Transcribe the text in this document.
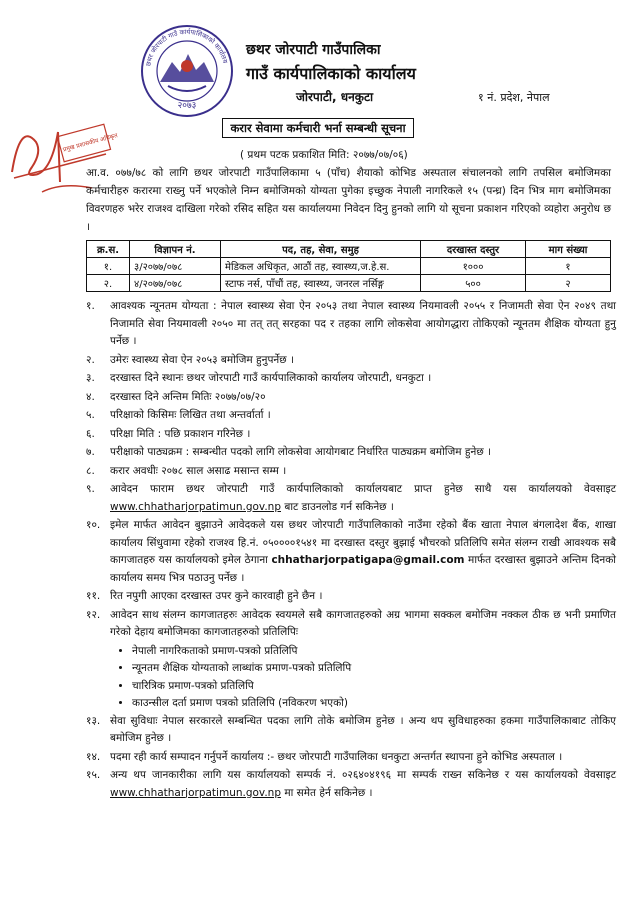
२०७३
छथर जोरपाटी गाउँ कार्यपालिकाको कार्यालय
छथर जोरपाटी गाउँपालिका
गाउँ कार्यपालिकाको कार्यालय
जोरपाटी, धनकुटा	१ नं. प्रदेश, नेपाल
प्रमुख प्रशासकीय अधिकृत
करार सेवामा कर्मचारी भर्ना सम्बन्धी सूचना
( प्रथम पटक प्रकाशित मिति: २०७७/०७/०६)
आ.व. ०७७/७८ को लागि छथर जोरपाटी गाउँपालिकामा ५ (पाँच) शैयाको कोभिड अस्पताल संचालनको लागि तपसिल बमोजिमका कर्मचारीहरु करारमा राख्नु पर्ने भएकोले निम्न बमोजिमको योग्यता पुगेका इच्छुक नेपाली नागरिकले १५ (पन्ध्र) दिन भित्र माग बमोजिमका विवरणहरु भरेर राजश्व दाखिला गरेको रसिद सहित यस कार्यालयमा निवेदन दिनु हुनको लागि यो सूचना प्रकाशन गरिएको व्यहोरा अनुरोध छ ।
क्र.स.	विज्ञापन नं.	पद, तह, सेवा, समुह	दरखास्त दस्तुर	माग संख्या
१.	३/२०७७/०७८	मेडिकल अधिकृत, आठौं तह, स्वास्थ्य,ज.हे.स.	१०००	१
२.	४/२०७७/०७८	स्टाफ नर्स, पाँचौं तह, स्वास्थ्य, जनरल नर्सिङ्ग	५००	२
१.	आवश्यक न्यूनतम योग्यता : नेपाल स्वास्थ्य सेवा ऐन २०५३ तथा नेपाल स्वास्थ्य नियमावली २०५५ र निजामती सेवा ऐन २०४९ तथा निजामति सेवा नियमावली २०५० मा तत् तत् सरहका पद र तहका लागि लोकसेवा आयोगद्धारा तोकिएको न्यूनतम शैक्षिक योग्यता हुनु पर्नेछ ।
२.	उमेरः स्वास्थ्य सेवा ऐन २०५३ बमोजिम हुनुपर्नेछ ।
३.	दरखास्त दिने स्थानः छथर जोरपाटी गाउँ कार्यपालिकाको कार्यालय जोरपाटी, धनकुटा ।
४.	दरखास्त दिने अन्तिम मितिः २०७७/०७/२०
५.	परिक्षाको किसिमः लिखित तथा अन्तर्वार्ता ।
६.	परिक्षा मिति : पछि प्रकाशन गरिनेछ ।
७.	परीक्षाको पाठ्यक्रम : सम्बन्धीत पदको लागि लोकसेवा आयोगबाट निर्धारित पाठ्यक्रम बमोजिम हुनेछ ।
८.	करार अवधीः २०७८ साल असाढ मसान्त सम्म ।
९.	आवेदन फाराम छथर जोरपाटी गाउँ कार्यपालिकाको कार्यालयबाट प्राप्त हुनेछ साथै यस कार्यालयको वेवसाइट www.chhatharjorpatimun.gov.np बाट डाउनलोड गर्न सकिनेछ ।
१०. इमेल मार्फत आवेदन बुझाउने आवेदकले यस छथर जोरपाटी गाउँपालिकाको नाउँमा रहेको बैंक खाता नेपाल बंगलादेश बैंक, शाखा कार्यालय सिंधुवामा रहेको राजश्व हि.नं. ०५००००१५४१ मा दरखास्त दस्तुर बुझाई भौचरको प्रतिलिपि समेत संलग्न राखी आवश्यक सबै कागजातहरु यस कार्यालयको इमेल ठेगाना chhatharjorpatigapa@gmail.com मार्फत दरखास्त बुझाउने अन्तिम दिनको कार्यालय समय भित्र पठाउनु पर्नेछ ।
११. रित नपुगी आएका दरखास्त उपर कुने कारवाही हुने छैन ।
१२. आवेदन साथ संलग्न कागजातहरुः आवेदक स्वयमले सबै कागजातहरुको अग्र भागमा सक्कल बमोजिम नक्कल ठीक छ भनी प्रमाणित गरेको देहाय बमोजिमका कागजातहरुको प्रतिलिपिः
• नेपाली नागरिकताको प्रमाण-पत्रको प्रतिलिपि
• न्यूनतम शैक्षिक योग्यताको लाब्धांक प्रमाण-पत्रको प्रतिलिपि
• चारित्रिक प्रमाण-पत्रको प्रतिलिपि
• काउन्सील दर्ता प्रमाण पत्रको प्रतिलिपि (नविकरण भएको)
१३. सेवा सुविधाः नेपाल सरकारले सम्बन्धित पदका लागि तोके बमोजिम हुनेछ । अन्य थप सुविधाहरुका हकमा गाउँपालिकाबाट तोकिए बमोजिम हुनेछ ।
१४. पदमा रही कार्य सम्पादन गर्नुपर्ने कार्यालय :- छथर जोरपाटी गाउँपालिका धनकुटा अन्तर्गत स्थापना हुने कोभिड अस्पताल ।
१५. अन्य थप जानकारीका लागि यस कार्यालयको सम्पर्क नं. ०२६४०४१९६ मा सम्पर्क राख्न सकिनेछ र यस कार्यालयको वेवसाइट www.chhatharjorpatimun.gov.np मा समेत हेर्न सकिनेछ ।
